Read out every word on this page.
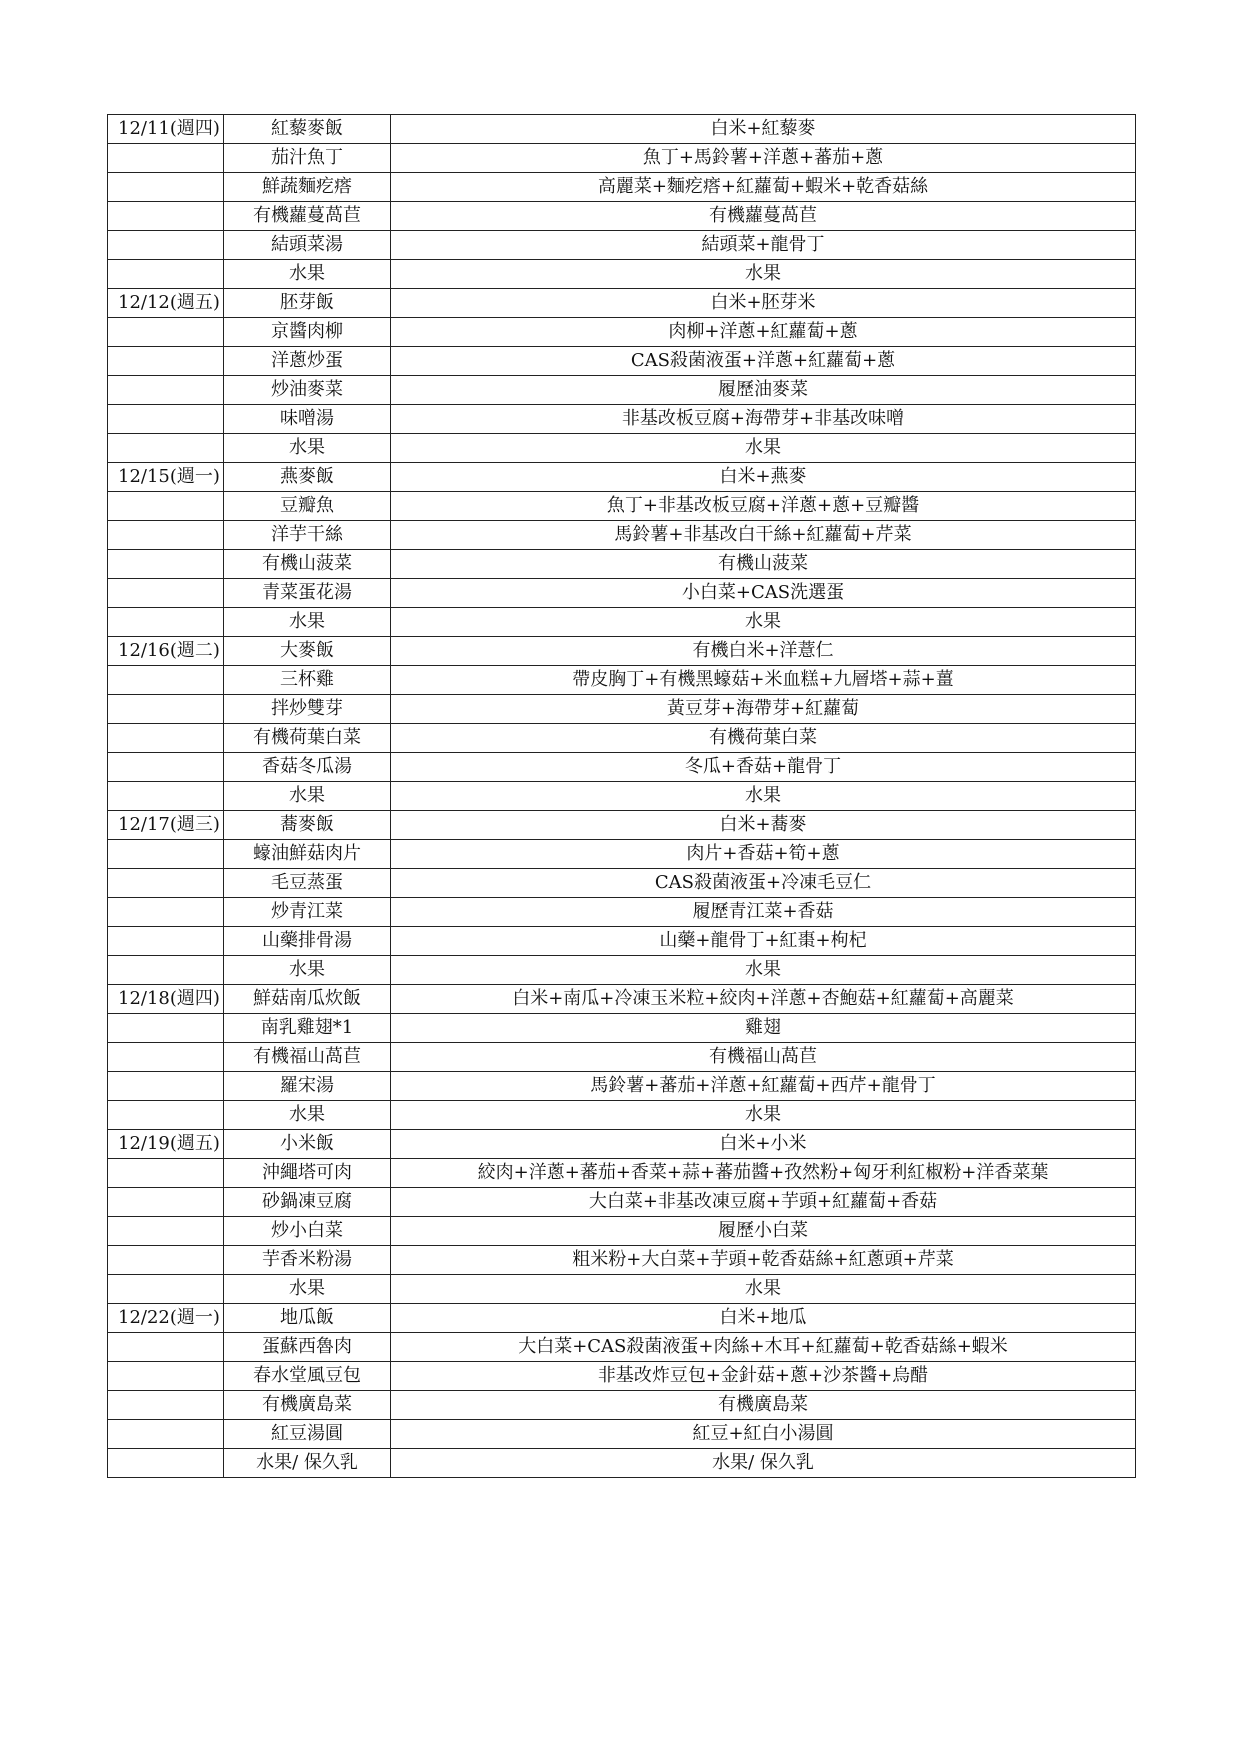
12/11(週四)	紅藜麥飯	白米+紅藜麥
	茄汁魚丁	魚丁+馬鈴薯+洋蔥+蕃茄+蔥
	鮮蔬麵疙瘩	高麗菜+麵疙瘩+紅蘿蔔+蝦米+乾香菇絲
	有機蘿蔓萵苣	有機蘿蔓萵苣
	結頭菜湯	結頭菜+龍骨丁
	水果	水果
12/12(週五)	胚芽飯	白米+胚芽米
	京醬肉柳	肉柳+洋蔥+紅蘿蔔+蔥
	洋蔥炒蛋	CAS殺菌液蛋+洋蔥+紅蘿蔔+蔥
	炒油麥菜	履歷油麥菜
	味噌湯	非基改板豆腐+海帶芽+非基改味噌
	水果	水果
12/15(週一)	燕麥飯	白米+燕麥
	豆瓣魚	魚丁+非基改板豆腐+洋蔥+蔥+豆瓣醬
	洋芋干絲	馬鈴薯+非基改白干絲+紅蘿蔔+芹菜
	有機山菠菜	有機山菠菜
	青菜蛋花湯	小白菜+CAS洗選蛋
	水果	水果
12/16(週二)	大麥飯	有機白米+洋薏仁
	三杯雞	帶皮胸丁+有機黑蠔菇+米血糕+九層塔+蒜+薑
	拌炒雙芽	黃豆芽+海帶芽+紅蘿蔔
	有機荷葉白菜	有機荷葉白菜
	香菇冬瓜湯	冬瓜+香菇+龍骨丁
	水果	水果
12/17(週三)	蕎麥飯	白米+蕎麥
	蠔油鮮菇肉片	肉片+香菇+筍+蔥
	毛豆蒸蛋	CAS殺菌液蛋+冷凍毛豆仁
	炒青江菜	履歷青江菜+香菇
	山藥排骨湯	山藥+龍骨丁+紅棗+枸杞
	水果	水果
12/18(週四)	鮮菇南瓜炊飯	白米+南瓜+冷凍玉米粒+絞肉+洋蔥+杏鮑菇+紅蘿蔔+高麗菜
	南乳雞翅*1	雞翅
	有機福山萵苣	有機福山萵苣
	羅宋湯	馬鈴薯+蕃茄+洋蔥+紅蘿蔔+西芹+龍骨丁
	水果	水果
12/19(週五)	小米飯	白米+小米
	沖繩塔可肉	絞肉+洋蔥+蕃茄+香菜+蒜+蕃茄醬+孜然粉+匈牙利紅椒粉+洋香菜葉
	砂鍋凍豆腐	大白菜+非基改凍豆腐+芋頭+紅蘿蔔+香菇
	炒小白菜	履歷小白菜
	芋香米粉湯	粗米粉+大白菜+芋頭+乾香菇絲+紅蔥頭+芹菜
	水果	水果
12/22(週一)	地瓜飯	白米+地瓜
	蛋蘇西魯肉	大白菜+CAS殺菌液蛋+肉絲+木耳+紅蘿蔔+乾香菇絲+蝦米
	春水堂風豆包	非基改炸豆包+金針菇+蔥+沙茶醬+烏醋
	有機廣島菜	有機廣島菜
	紅豆湯圓	紅豆+紅白小湯圓
	水果/ 保久乳	水果/ 保久乳
